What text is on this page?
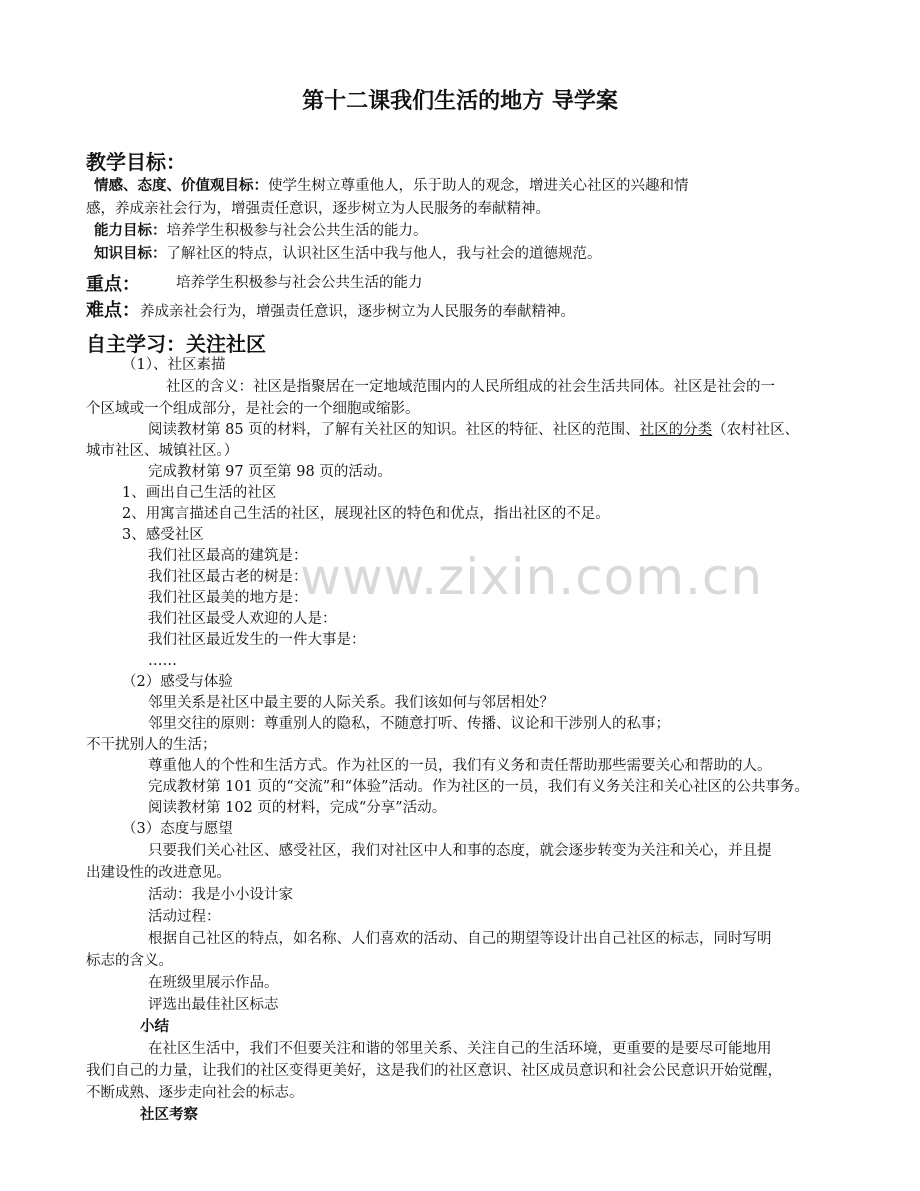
www.zixin.com.cn
第十二课我们生活的地方 导学案
教学目标：
情感、态度、价值观目标：使学生树立尊重他人，乐于助人的观念，增进关心社区的兴趣和情
感，养成亲社会行为，增强责任意识，逐步树立为人民服务的奉献精神。
能力目标：培养学生积极参与社会公共生活的能力。
知识目标：了解社区的特点，认识社区生活中我与他人，我与社会的道德规范。
重点： 培养学生积极参与社会公共生活的能力
难点：养成亲社会行为，增强责任意识，逐步树立为人民服务的奉献精神。
自主学习：关注社区
（1）、社区素描
社区的含义：社区是指聚居在一定地域范围内的人民所组成的社会生活共同体。社区是社会的一
个区域或一个组成部分，是社会的一个细胞或缩影。
阅读教材第 85 页的材料，了解有关社区的知识。社区的特征、社区的范围、社区的分类（农村社区、
城市社区、城镇社区。）
完成教材第 97 页至第 98 页的活动。
1、画出自己生活的社区
2、用寓言描述自己生活的社区，展现社区的特色和优点，指出社区的不足。
3、感受社区
我们社区最高的建筑是：
我们社区最古老的树是：
我们社区最美的地方是：
我们社区最受人欢迎的人是：
我们社区最近发生的一件大事是：
……
（2）感受与体验
邻里关系是社区中最主要的人际关系。我们该如何与邻居相处？
邻里交往的原则：尊重别人的隐私，不随意打听、传播、议论和干涉别人的私事；
不干扰别人的生活；
尊重他人的个性和生活方式。作为社区的一员，我们有义务和责任帮助那些需要关心和帮助的人。
完成教材第 101 页的“交流”和“体验”活动。作为社区的一员，我们有义务关注和关心社区的公共事务。
阅读教材第 102 页的材料，完成“分享”活动。
（3）态度与愿望
只要我们关心社区、感受社区，我们对社区中人和事的态度，就会逐步转变为关注和关心，并且提
出建设性的改进意见。
活动：我是小小设计家
活动过程：
根据自己社区的特点，如名称、人们喜欢的活动、自己的期望等设计出自己社区的标志，同时写明
标志的含义。
在班级里展示作品。
评选出最佳社区标志
小结
在社区生活中，我们不但要关注和谐的邻里关系、关注自己的生活环境，更重要的是要尽可能地用
我们自己的力量，让我们的社区变得更美好，这是我们的社区意识、社区成员意识和社会公民意识开始觉醒，
不断成熟、逐步走向社会的标志。
社区考察
